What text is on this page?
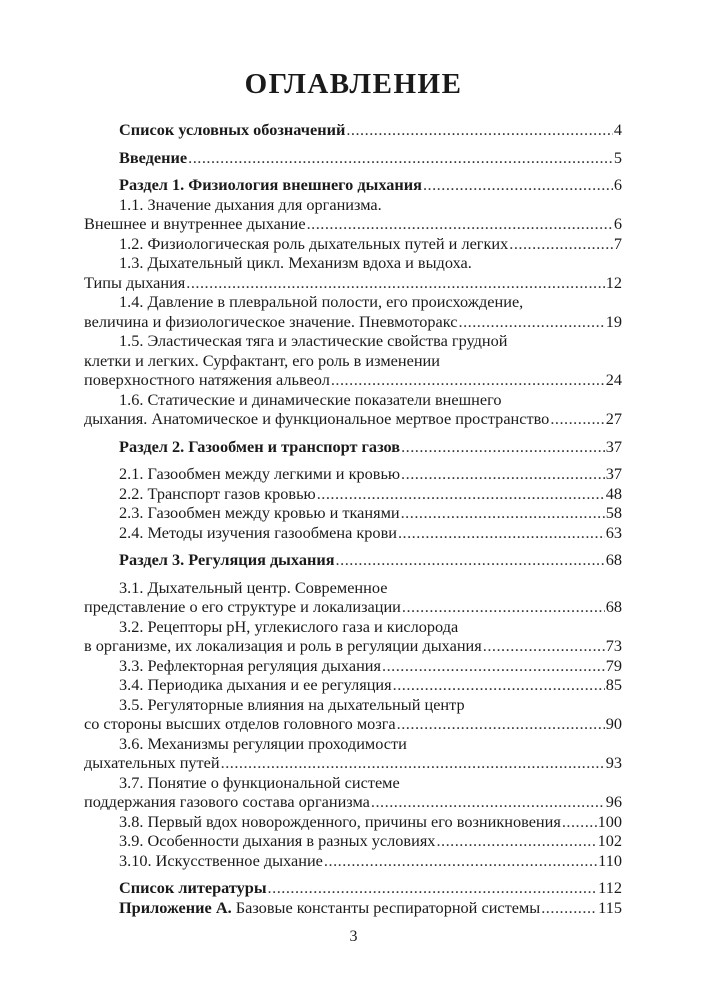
ОГЛАВЛЕНИЕ
Список условных обозначений .....	4
Введение .....	5
Раздел 1. Физиология внешнего дыхания .....	6
1.1. Значение дыхания для организма.
Внешнее и внутреннее дыхание .....	6
1.2. Физиологическая роль дыхательных путей и легких .....	7
1.3. Дыхательный цикл. Механизм вдоха и выдоха.
Типы дыхания .....	12
1.4. Давление в плевральной полости, его происхождение,
величина и физиологическое значение. Пневмоторакс .....	19
1.5. Эластическая тяга и эластические свойства грудной
клетки и легких. Сурфактант, его роль в изменении
поверхностного натяжения альвеол .....	24
1.6. Статические и динамические показатели внешнего
дыхания. Анатомическое и функциональное мертвое пространство .....	27
Раздел 2. Газообмен и транспорт газов .....	37
2.1. Газообмен между легкими и кровью .....	37
2.2. Транспорт газов кровью .....	48
2.3. Газообмен между кровью и тканями .....	58
2.4. Методы изучения газообмена крови .....	63
Раздел 3. Регуляция дыхания .....	68
3.1. Дыхательный центр. Современное
представление о его структуре и локализации .....	68
3.2. Рецепторы pH, углекислого газа и кислорода
в организме, их локализация и роль в регуляции дыхания .....	73
3.3. Рефлекторная регуляция дыхания .....	79
3.4. Периодика дыхания и ее регуляция .....	85
3.5. Регуляторные влияния на дыхательный центр
со стороны высших отделов головного мозга .....	90
3.6. Механизмы регуляции проходимости
дыхательных путей .....	93
3.7. Понятие о функциональной системе
поддержания газового состава организма .....	96
3.8. Первый вдох новорожденного, причины его возникновения ..... 100
3.9. Особенности дыхания в разных условиях .....	102
3.10. Искусственное дыхание .....	110
Список литературы .....	112
Приложение А.
Базовые константы респираторной системы .....	115
3
